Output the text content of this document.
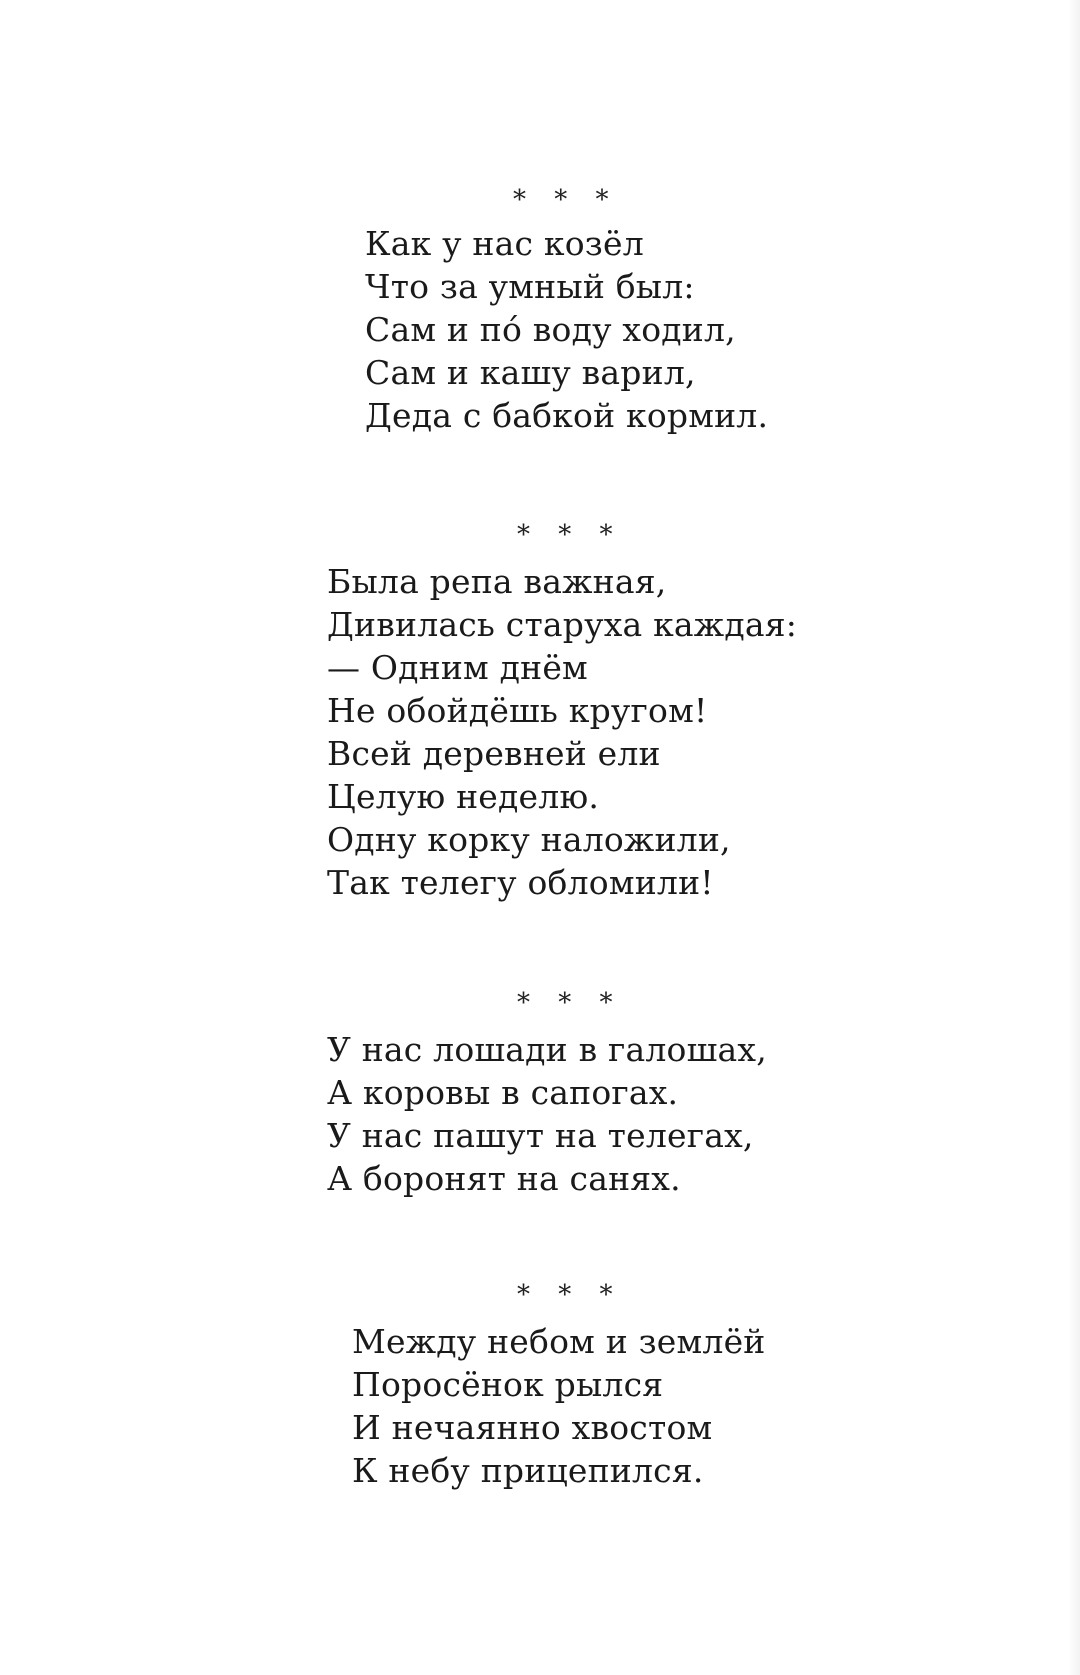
* * *
Как у нас козёл
Что за умный был:
Сам и по́ воду ходил,
Сам и кашу варил,
Деда с бабкой кормил.
* * *
Была репа важная,
Дивилась старуха каждая:
— Одним днём
Не обойдёшь кругом!
Всей деревней ели
Целую неделю.
Одну корку наложили,
Так телегу обломили!
* * *
У нас лошади в галошах,
А коровы в сапогах.
У нас пашут на телегах,
А боронят на санях.
* * *
Между небом и землёй
Поросёнок рылся
И нечаянно хвостом
К небу прицепился.
